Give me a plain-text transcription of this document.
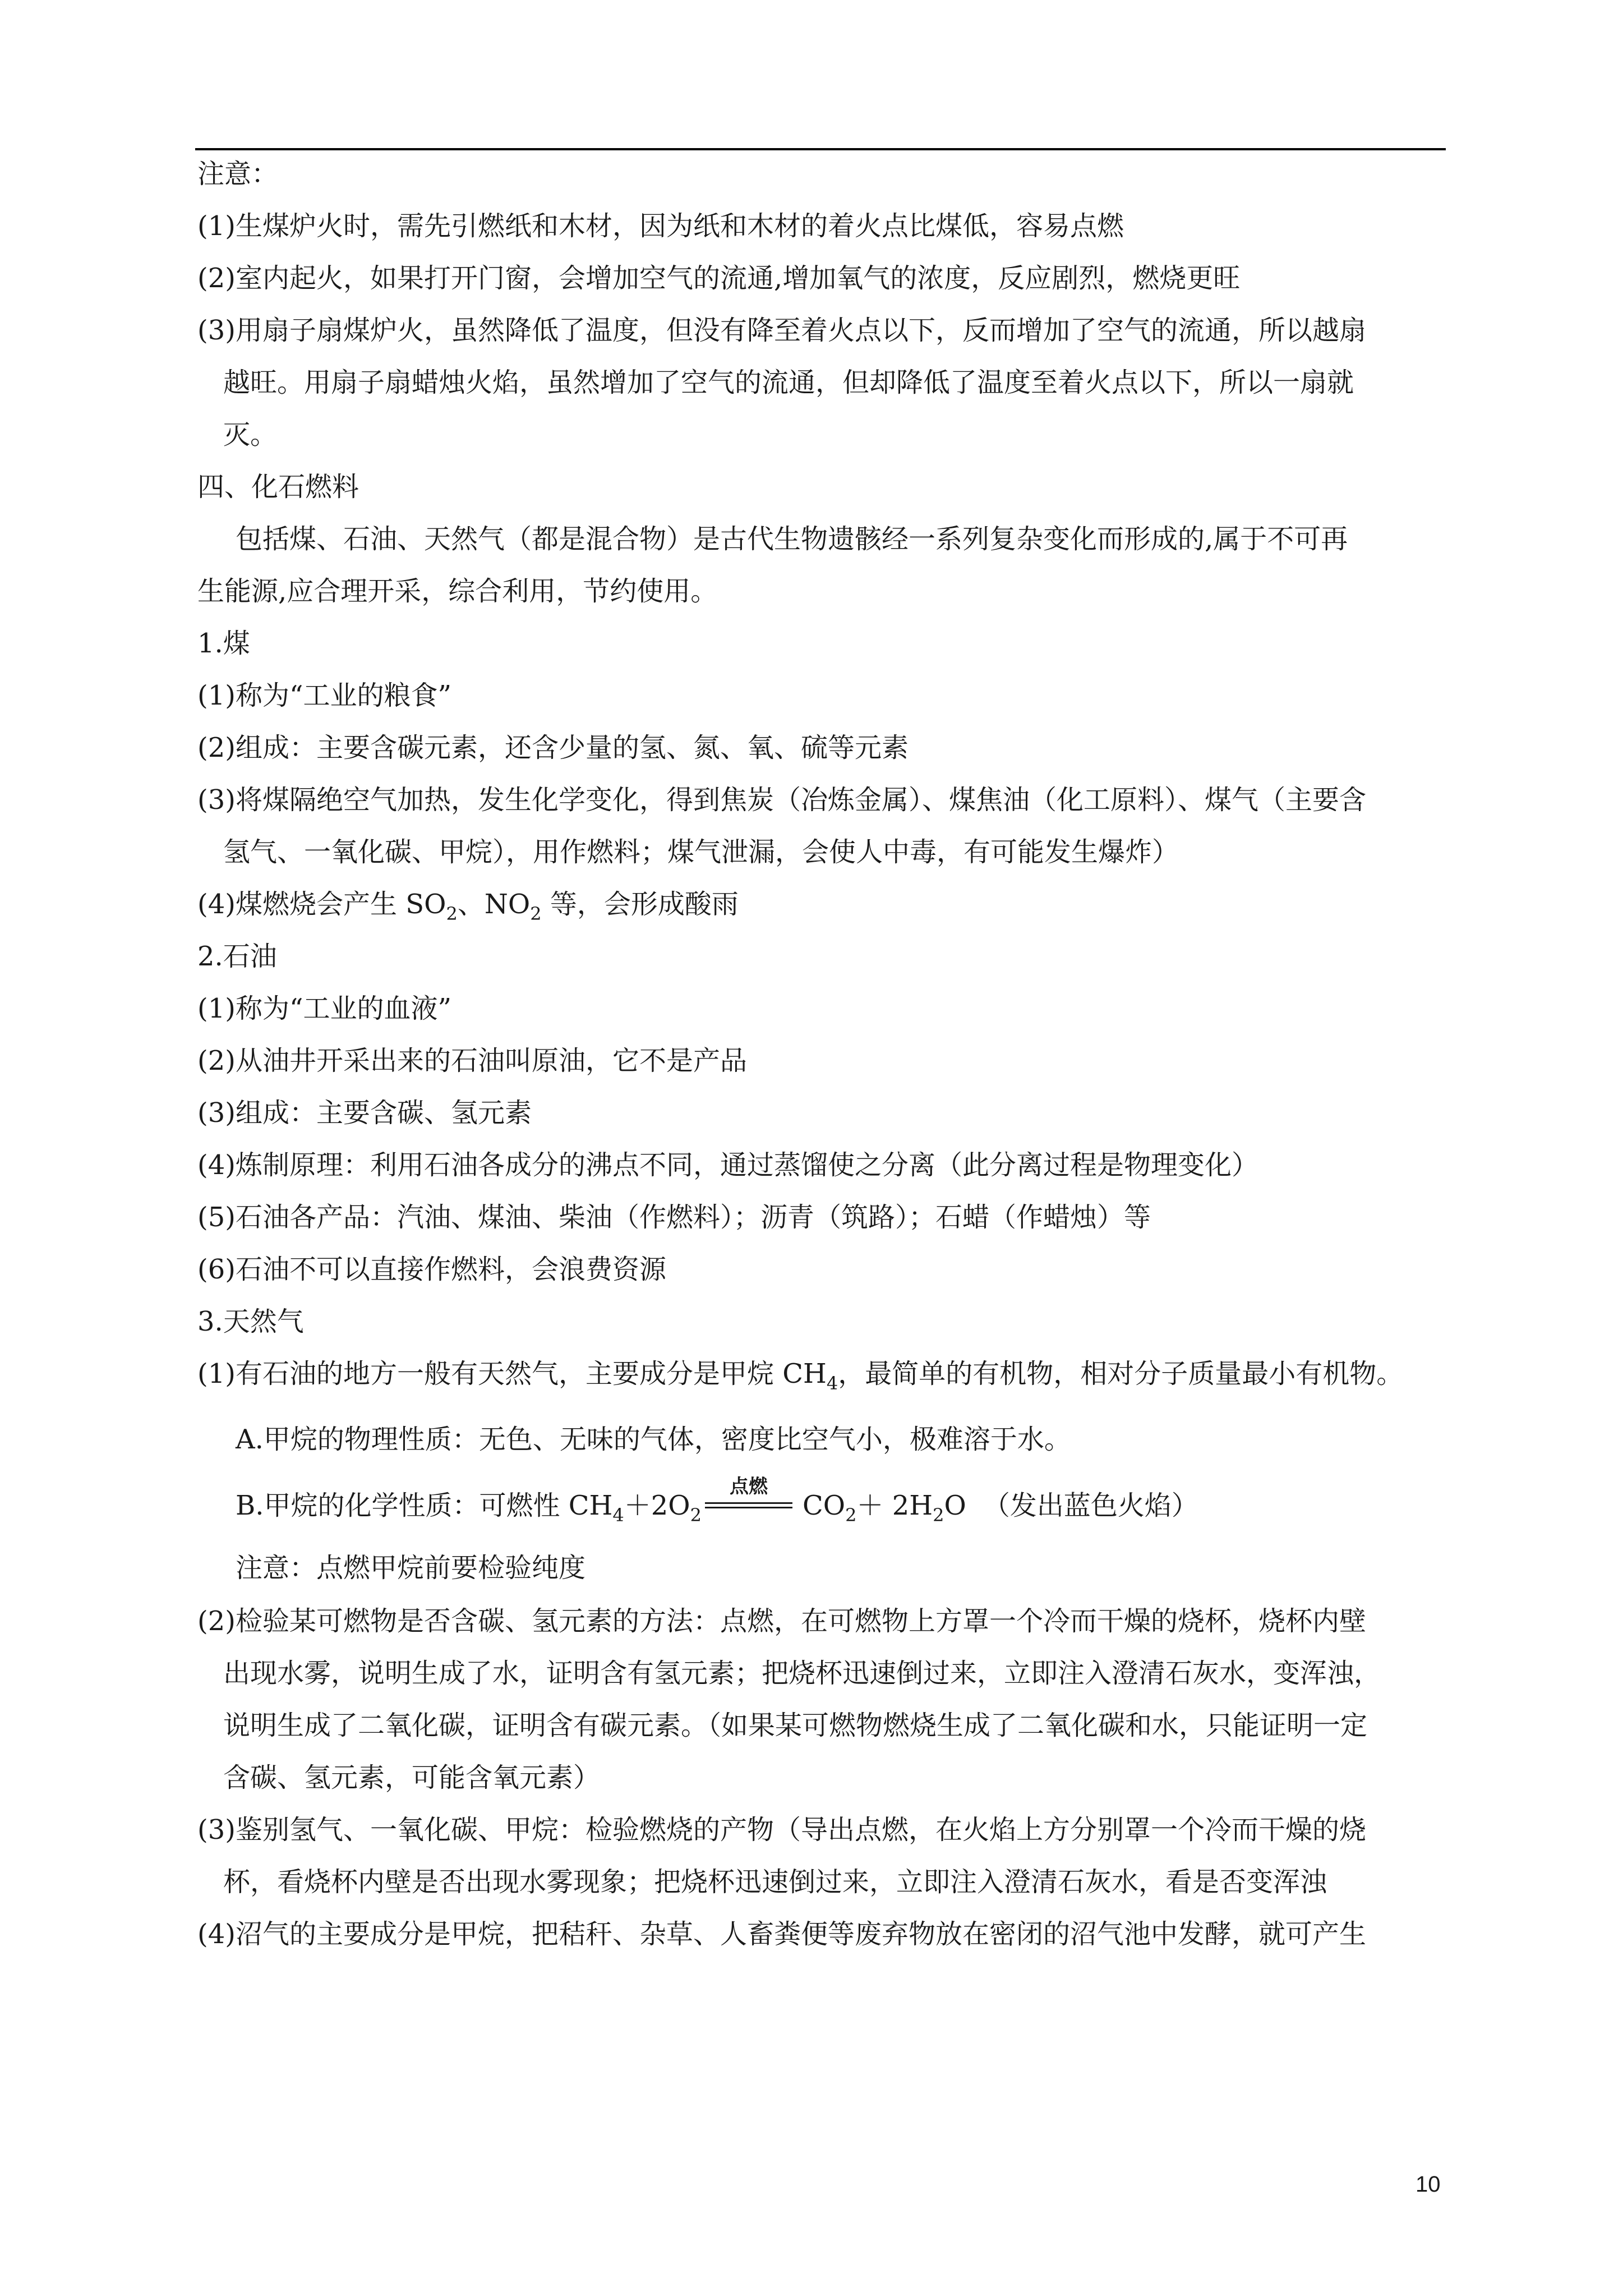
注意：
(1)生煤炉火时，需先引燃纸和木材，因为纸和木材的着火点比煤低，容易点燃
(2)室内起火，如果打开门窗，会增加空气的流通,增加氧气的浓度，反应剧烈，燃烧更旺
(3)用扇子扇煤炉火，虽然降低了温度，但没有降至着火点以下，反而增加了空气的流通，所以越扇
越旺。用扇子扇蜡烛火焰，虽然增加了空气的流通，但却降低了温度至着火点以下，所以一扇就
灭。
四、化石燃料
包括煤、石油、天然气（都是混合物）是古代生物遗骸经一系列复杂变化而形成的,属于不可再
生能源,应合理开采，综合利用，节约使用。
1.煤
(1)称为“工业的粮食”
(2)组成：主要含碳元素，还含少量的氢、氮、氧、硫等元素
(3)将煤隔绝空气加热，发生化学变化，得到焦炭（冶炼金属）、煤焦油（化工原料）、煤气（主要含
氢气、一氧化碳、甲烷），用作燃料；煤气泄漏，会使人中毒，有可能发生爆炸）
(4)煤燃烧会产生 $SO_2$、$NO_2$ 等，会形成酸雨
2.石油
(1)称为“工业的血液”
(2)从油井开采出来的石油叫原油，它不是产品
(3)组成：主要含碳、氢元素
(4)炼制原理：利用石油各成分的沸点不同，通过蒸馏使之分离（此分离过程是物理变化）
(5)石油各产品：汽油、煤油、柴油（作燃料）；沥青（筑路）；石蜡（作蜡烛）等
(6)石油不可以直接作燃料，会浪费资源
3.天然气
(1)有石油的地方一般有天然气，主要成分是甲烷 $CH_4$，最简单的有机物，相对分子质量最小有机物。
A.甲烷的物理性质：无色、无味的气体，密度比空气小，极难溶于水。
B.甲烷的化学性质：可燃性 $CH_4+2O_2$
点燃
$CO_2+ 2H_2O$ （发出蓝色火焰）
注意：点燃甲烷前要检验纯度
(2)检验某可燃物是否含碳、氢元素的方法：点燃，在可燃物上方罩一个冷而干燥的烧杯，烧杯内壁
出现水雾，说明生成了水，证明含有氢元素；把烧杯迅速倒过来，立即注入澄清石灰水，变浑浊，
说明生成了二氧化碳，证明含有碳元素。（如果某可燃物燃烧生成了二氧化碳和水，只能证明一定
含碳、氢元素，可能含氧元素）
(3)鉴别氢气、一氧化碳、甲烷：检验燃烧的产物（导出点燃，在火焰上方分别罩一个冷而干燥的烧
杯，看烧杯内壁是否出现水雾现象；把烧杯迅速倒过来，立即注入澄清石灰水，看是否变浑浊
(4)沼气的主要成分是甲烷，把秸秆、杂草、人畜粪便等废弃物放在密闭的沼气池中发酵，就可产生
10
